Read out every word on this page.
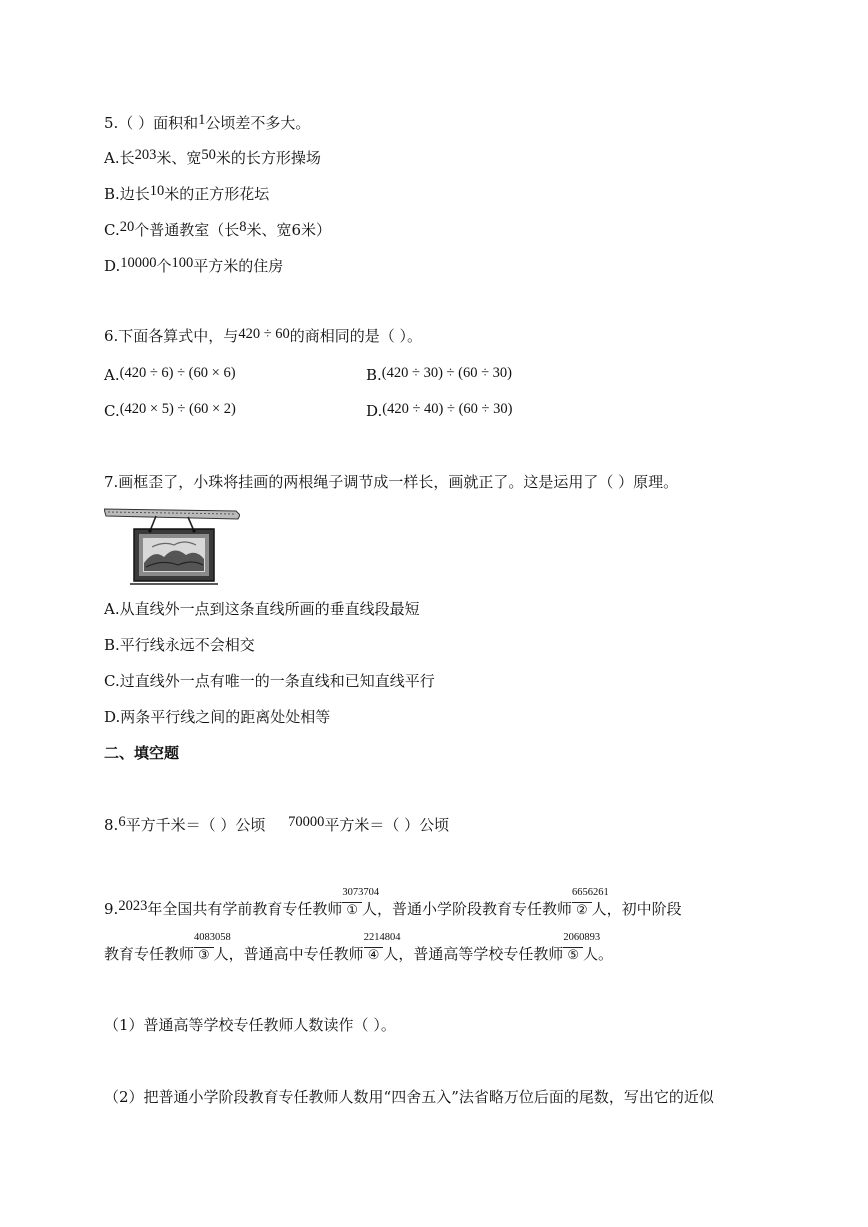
5.（ ）面积和1公顷差不多大。
A.长203米、宽50米的长方形操场
B.边长10米的正方形花坛
C.20个普通教室（长8米、宽6米）
D.10000个100平方米的住房
6.下面各算式中，与420 ÷ 60的商相同的是（ ）。
A.(420 ÷ 6) ÷ (60 × 6)	B.(420 ÷ 30) ÷ (60 ÷ 30)
C.(420 × 5) ÷ (60 × 2)	D.(420 ÷ 40) ÷ (60 ÷ 30)
7.画框歪了，小珠将挂画的两根绳子调节成一样长，画就正了。这是运用了（ ）原理。
A.从直线外一点到这条直线所画的垂直线段最短
B.平行线永远不会相交
C.过直线外一点有唯一的一条直线和已知直线平行
D.两条平行线之间的距离处处相等
二、填空题
8.6平方千米＝（ ）公顷 70000平方米＝（ ）公顷
9.2023年全国共有学前教育专任教师
3073704
① 人，普通小学阶段教育专任教师
6656261
② 人，初中阶段
教育专任教师
4083058
③ 人，普通高中专任教师
2214804
④ 人，普通高等学校专任教师
2060893
⑤ 人。
（1）普通高等学校专任教师人数读作（ ）。
（2）把普通小学阶段教育专任教师人数用“四舍五入”法省略万位后面的尾数，写出它的近似
